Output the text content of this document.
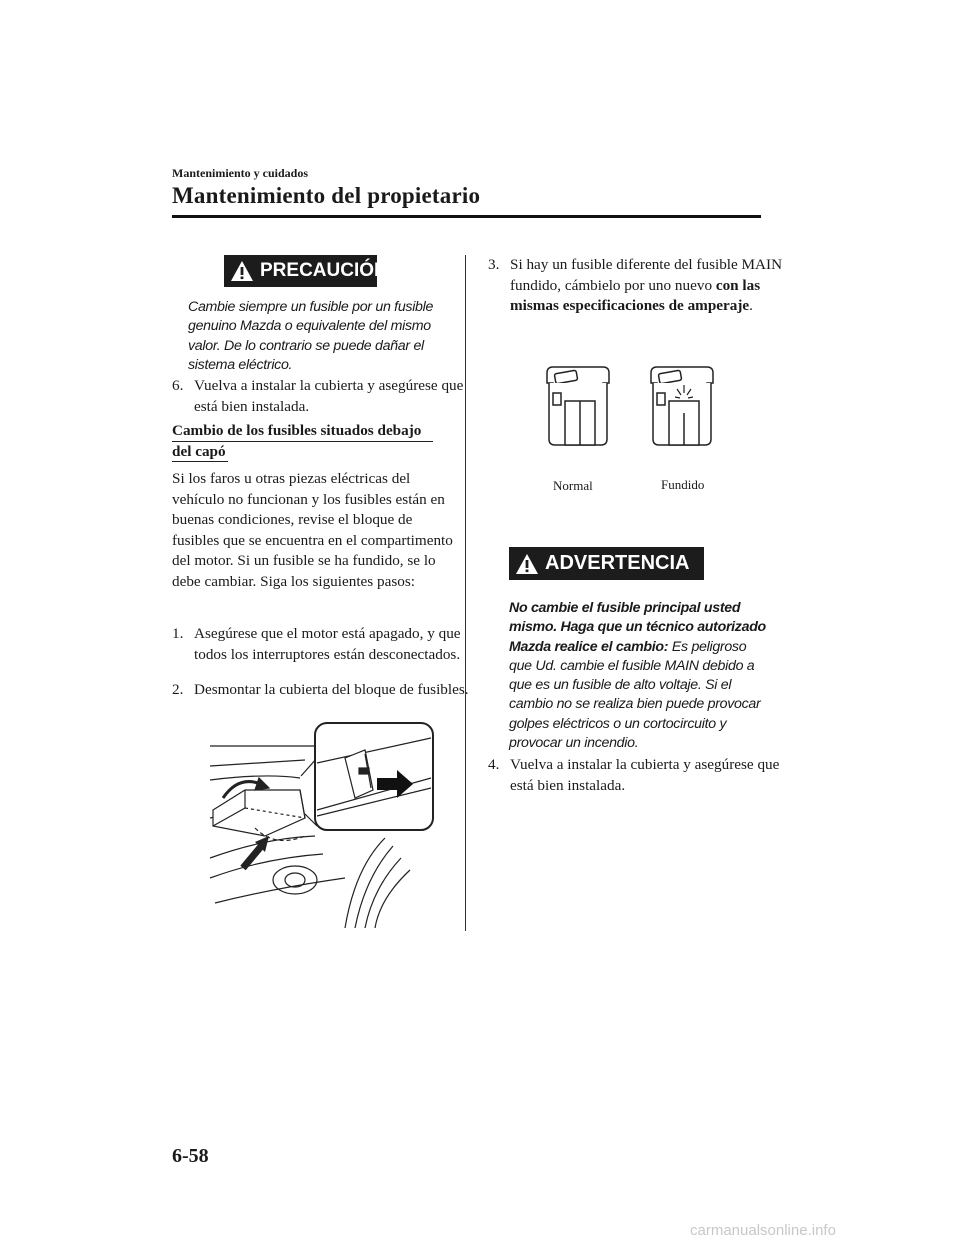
Mantenimiento y cuidados
Mantenimiento del propietario
PRECAUCIÓN
Cambie siempre un fusible por un fusible genuino Mazda o equivalente del mismo valor. De lo contrario se puede dañar el sistema eléctrico.
6. Vuelva a instalar la cubierta y asegúrese que está bien instalada.
Cambio de los fusibles situados debajo del capó
Si los faros u otras piezas eléctricas del vehículo no funcionan y los fusibles están en buenas condiciones, revise el bloque de fusibles que se encuentra en el compartimento del motor. Si un fusible se ha fundido, se lo debe cambiar. Siga los siguientes pasos:
1. Asegúrese que el motor está apagado, y que todos los interruptores están desconectados.
2. Desmontar la cubierta del bloque de fusibles.
3. Si hay un fusible diferente del fusible MAIN fundido, cámbielo por uno nuevo con las mismas especificaciones de amperaje.
Normal	Fundido
ADVERTENCIA
No cambie el fusible principal usted mismo. Haga que un técnico autorizado Mazda realice el cambio: Es peligroso que Ud. cambie el fusible MAIN debido a que es un fusible de alto voltaje. Si el cambio no se realiza bien puede provocar golpes eléctricos o un cortocircuito y provocar un incendio.
4. Vuelva a instalar la cubierta y asegúrese que está bien instalada.
6-58
carmanualsonline.info
